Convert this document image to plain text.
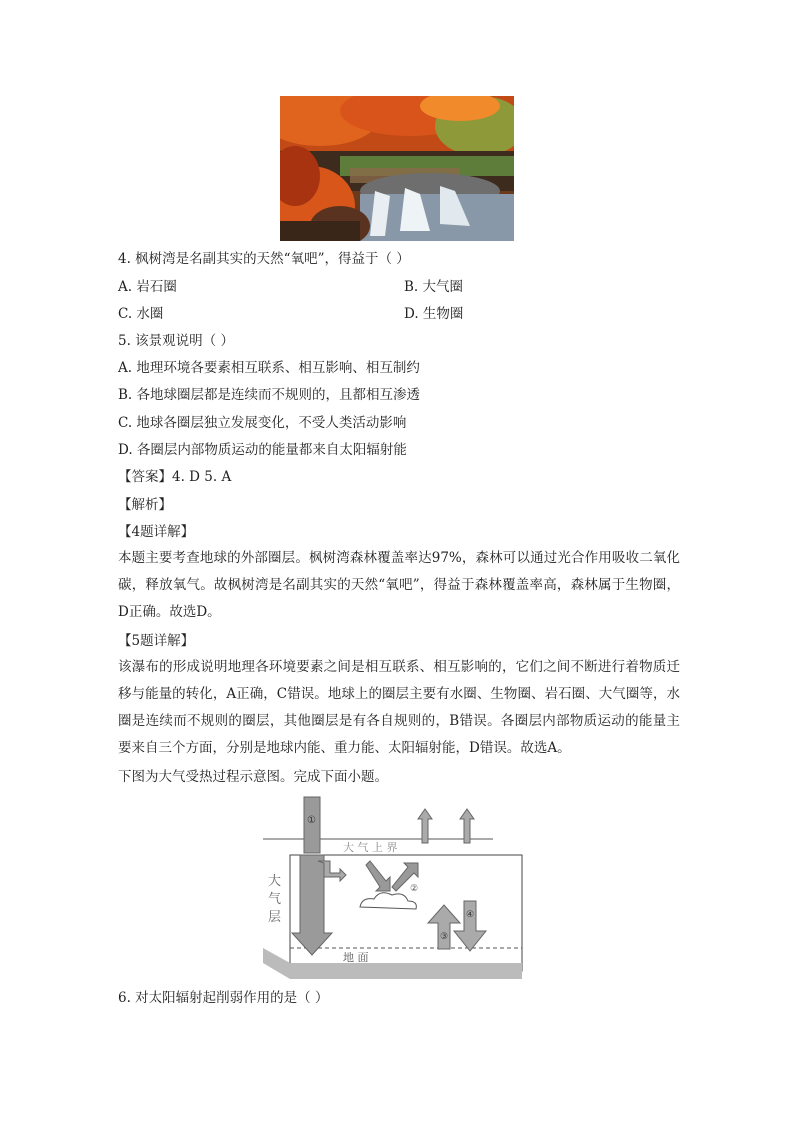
4. 枫树湾是名副其实的天然“氧吧”，得益于（ ）
A. 岩石圈	B. 大气圈
C. 水圈	D. 生物圈
5. 该景观说明（ ）
A. 地理环境各要素相互联系、相互影响、相互制约
B. 各地球圈层都是连续而不规则的，且都相互渗透
C. 地球各圈层独立发展变化，不受人类活动影响
D. 各圈层内部物质运动的能量都来自太阳辐射能
【答案】4. D 5. A
【解析】
【4题详解】
本题主要考查地球的外部圈层。枫树湾森林覆盖率达97%，森林可以通过光合作用吸收二氧化碳，释放氧气。故枫树湾是名副其实的天然“氧吧”，得益于森林覆盖率高，森林属于生物圈，D正确。故选D。
【5题详解】
该瀑布的形成说明地理各环境要素之间是相互联系、相互影响的，它们之间不断进行着物质迁移与能量的转化，A正确，C错误。地球上的圈层主要有水圈、生物圈、岩石圈、大气圈等，水圈是连续而不规则的圈层，其他圈层是有各自规则的，B错误。各圈层内部物质运动的能量主要来自三个方面，分别是地球内能、重力能、太阳辐射能，D错误。故选A。
下图为大气受热过程示意图。完成下面小题。
大 气 上 界
地 面
大
气
层
①
②
③
④
6. 对太阳辐射起削弱作用的是（ ）
